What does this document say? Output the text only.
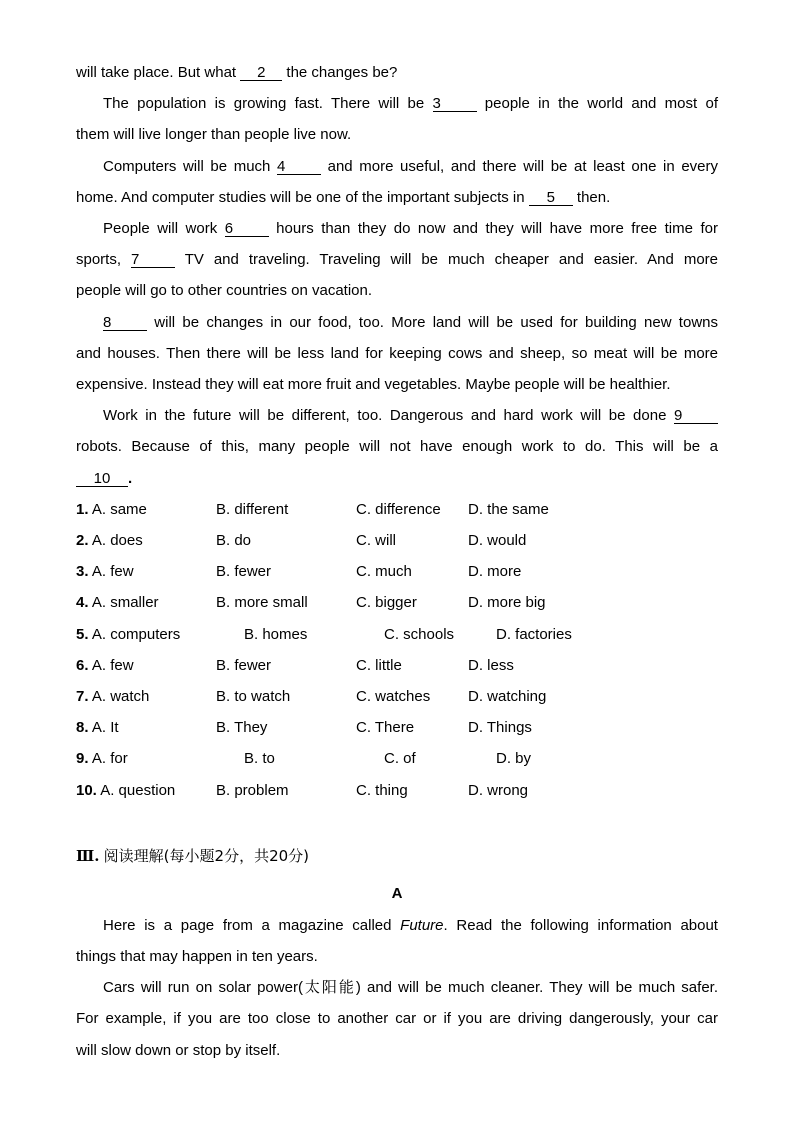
will take place. But what 2 the changes be?
The population is growing fast. There will be 3 people in the world and most of
them will live longer than people live now.
Computers will be much 4 and more useful, and there will be at least one in every
home. And computer studies will be one of the important subjects in 5 then.
People will work 6 hours than they do now and they will have more free time for
sports, 7 TV and traveling. Traveling will be much cheaper and easier. And more
people will go to other countries on vacation.
8 will be changes in our food, too. More land will be used for building new towns
and houses. Then there will be less land for keeping cows and sheep, so meat will be more
expensive. Instead they will eat more fruit and vegetables. Maybe people will be healthier.
Work in the future will be different, too. Dangerous and hard work will be done 9
robots. Because of this, many people will not have enough work to do. This will be a
10 .
1. A. same	B. different	C. difference D. the same
2. A. does	B. do	C. will	D. would
3. A. few	B. fewer	C. much	D. more
4. A. smaller	B. more small	C. bigger	D. more big
5. A. computers	B. homes	C. schools	D. factories
6. A. few	B. fewer	C. little	D. less
7. A. watch	B. to watch	C. watches	D. watching
8. A. It	B. They	C. There	D. Things
9. A. for	B. to	C. of	D. by
10. A. question	B. problem	C. thing	D. wrong
Ⅲ. 阅读理解(每小题2分，共20分)
A
Here is a page from a magazine called Future. Read the following information about
things that may happen in ten years.
Cars will run on solar power(太阳能) and will be much cleaner. They will be much safer.
For example, if you are too close to another car or if you are driving dangerously, your car
will slow down or stop by itself.
